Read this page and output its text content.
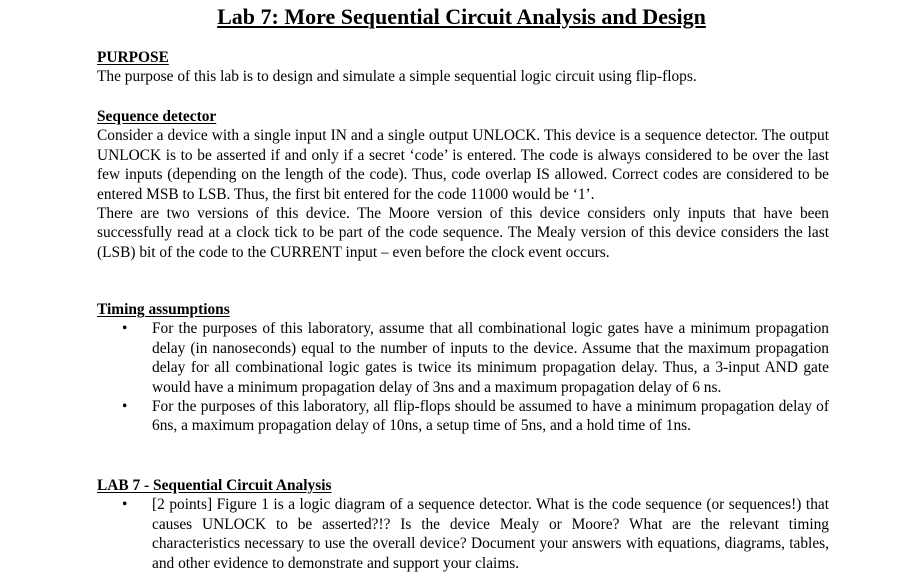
Lab 7: More Sequential Circuit Analysis and Design
PURPOSE

The purpose of this lab is to design and simulate a simple sequential logic circuit using flip-flops.

Sequence detector

Consider a device with a single input IN and a single output UNLOCK. This device is a sequence detector. The output UNLOCK is to be asserted if and only if a secret ‘code’ is entered. The code is always considered to be over the last few inputs (depending on the length of the code). Thus, code overlap IS allowed. Correct codes are considered to be entered MSB to LSB. Thus, the first bit entered for the code 11000 would be ‘1’.

There are two versions of this device. The Moore version of this device considers only inputs that have been successfully read at a clock tick to be part of the code sequence. The Mealy version of this device considers the last (LSB) bit of the code to the CURRENT input – even before the clock event occurs.

Timing assumptions
• For the purposes of this laboratory, assume that all combinational logic gates have a minimum propagation delay (in nanoseconds) equal to the number of inputs to the device. Assume that the maximum propagation delay for all combinational logic gates is twice its minimum propagation delay. Thus, a 3-input AND gate would have a minimum propagation delay of 3ns and a maximum propagation delay of 6 ns.
• For the purposes of this laboratory, all flip-flops should be assumed to have a minimum propagation delay of 6ns, a maximum propagation delay of 10ns, a setup time of 5ns, and a hold time of 1ns.
LAB 7 - Sequential Circuit Analysis
• [2 points] Figure 1 is a logic diagram of a sequence detector. What is the code sequence (or sequences!) that causes UNLOCK to be asserted?!? Is the device Mealy or Moore? What are the relevant timing characteristics necessary to use the overall device? Document your answers with equations, diagrams, tables, and other evidence to demonstrate and support your claims.
